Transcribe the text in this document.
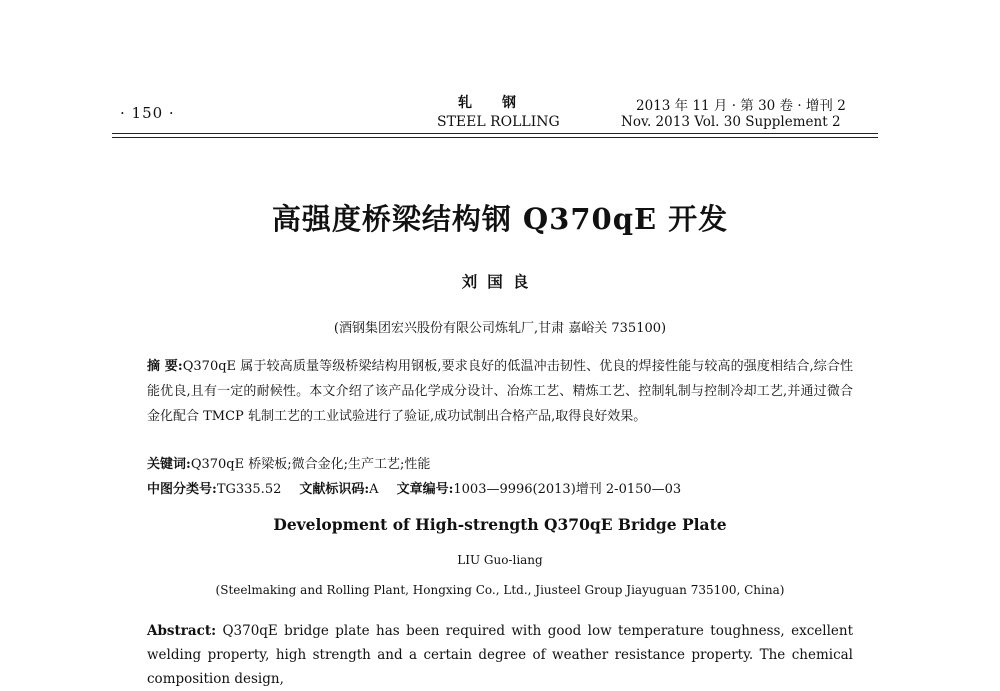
· 150 ·
轧钢
STEEL ROLLING
2013 年 11 月 · 第 30 卷 · 增刊 2
Nov. 2013 Vol. 30 Supplement 2
高强度桥梁结构钢 Q370qE 开发
刘国良
(酒钢集团宏兴股份有限公司炼轧厂,甘肃 嘉峪关 735100)
摘 要:Q370qE 属于较高质量等级桥梁结构用钢板,要求良好的低温冲击韧性、优良的焊接性能与较高的强度相结合,综合性能优良,且有一定的耐候性。本文介绍了该产品化学成分设计、冶炼工艺、精炼工艺、控制轧制与控制冷却工艺,并通过微合金化配合 TMCP 轧制工艺的工业试验进行了验证,成功试制出合格产品,取得良好效果。
关键词:Q370qE 桥梁板;微合金化;生产工艺;性能
中图分类号:TG335.52 文献标识码:A 文章编号:1003—9996(2013)增刊 2-0150—03
Development of High-strength Q370qE Bridge Plate
LIU Guo-liang
(Steelmaking and Rolling Plant, Hongxing Co., Ltd., Jiusteel Group Jiayuguan 735100, China)
Abstract: Q370qE bridge plate has been required with good low temperature toughness, excellent welding property, high strength and a certain degree of weather resistance property. The chemical composition design,
